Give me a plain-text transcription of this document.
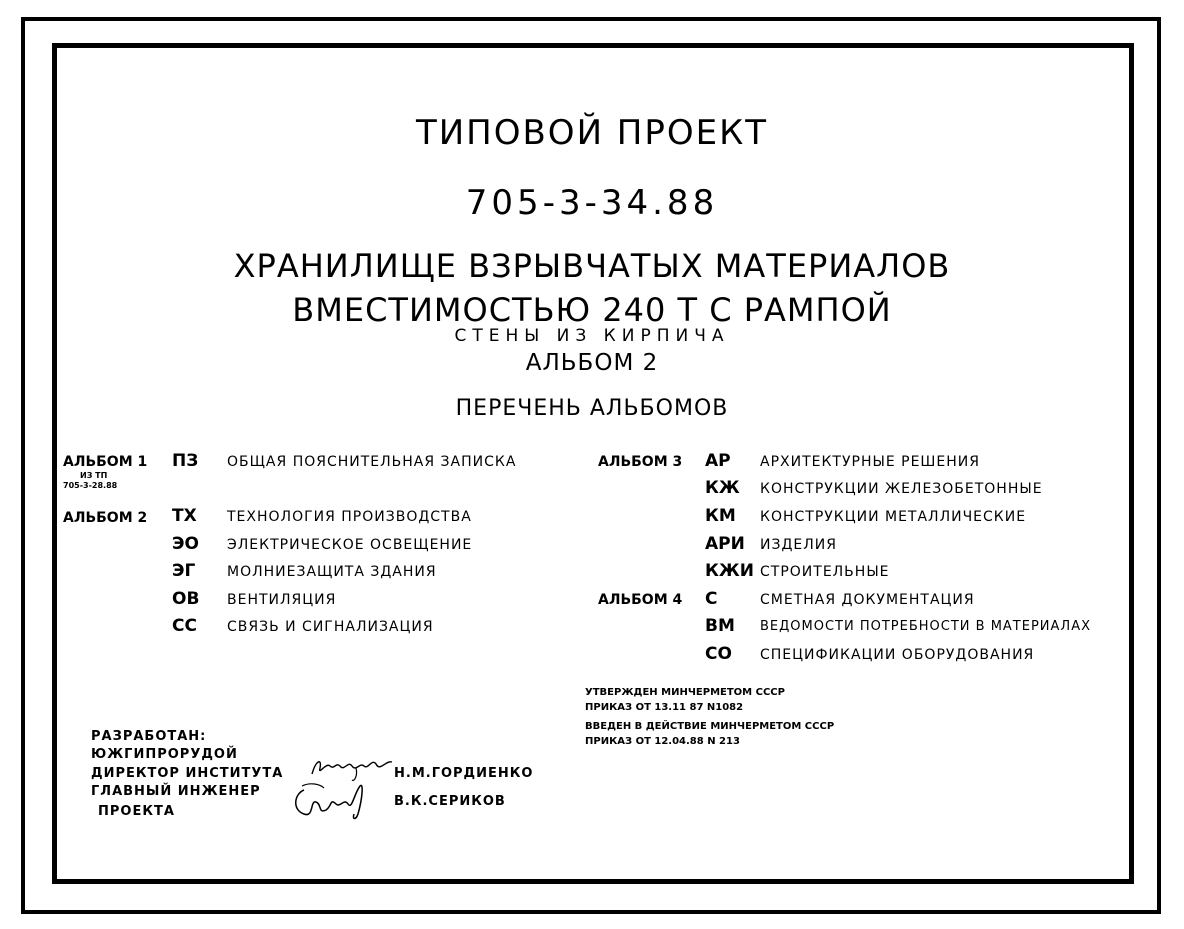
ТИПОВОЙ ПРОЕКТ
705-3-34.88
ХРАНИЛИЩЕ ВЗРЫВЧАТЫХ МАТЕРИАЛОВ
ВМЕСТИМОСТЬЮ 240 Т С РАМПОЙ
СТЕНЫ ИЗ КИРПИЧА
АЛЬБОМ 2
ПЕРЕЧЕНЬ АЛЬБОМОВ
АЛЬБОМ 1
ИЗ ТП
705-3-28.88
АЛЬБОМ 2
ПЗ ОБЩАЯ ПОЯСНИТЕЛЬНАЯ ЗАПИСКА
ТХ ТЕХНОЛОГИЯ ПРОИЗВОДСТВА
ЭО ЭЛЕКТРИЧЕСКОЕ ОСВЕЩЕНИЕ
ЭГ МОЛНИЕЗАЩИТА ЗДАНИЯ
ОВ ВЕНТИЛЯЦИЯ
СС СВЯЗЬ И СИГНАЛИЗАЦИЯ
АЛЬБОМ 3
АЛЬБОМ 4
АР АРХИТЕКТУРНЫЕ РЕШЕНИЯ
КЖ КОНСТРУКЦИИ ЖЕЛЕЗОБЕТОННЫЕ
КМ КОНСТРУКЦИИ МЕТАЛЛИЧЕСКИЕ
АРИ ИЗДЕЛИЯ
КЖИ СТРОИТЕЛЬНЫЕ
С	СМЕТНАЯ ДОКУМЕНТАЦИЯ
ВМ ВЕДОМОСТИ ПОТРЕБНОСТИ В МАТЕРИАЛАХ
СО СПЕЦИФИКАЦИИ ОБОРУДОВАНИЯ
УТВЕРЖДЕН МИНЧЕРМЕТОМ СССР
ПРИКАЗ ОТ 13.11 87 N1082
ВВЕДЕН В ДЕЙСТВИЕ МИНЧЕРМЕТОМ СССР
ПРИКАЗ ОТ 12.04.88 N 213
РАЗРАБОТАН:
ЮЖГИПРОРУДОЙ
ДИРЕКТОР ИНСТИТУТА	Н.М.ГОРДИЕНКО
ГЛАВНЫЙ ИНЖЕНЕР
ПРОЕКТА
В.К.СЕРИКОВ
